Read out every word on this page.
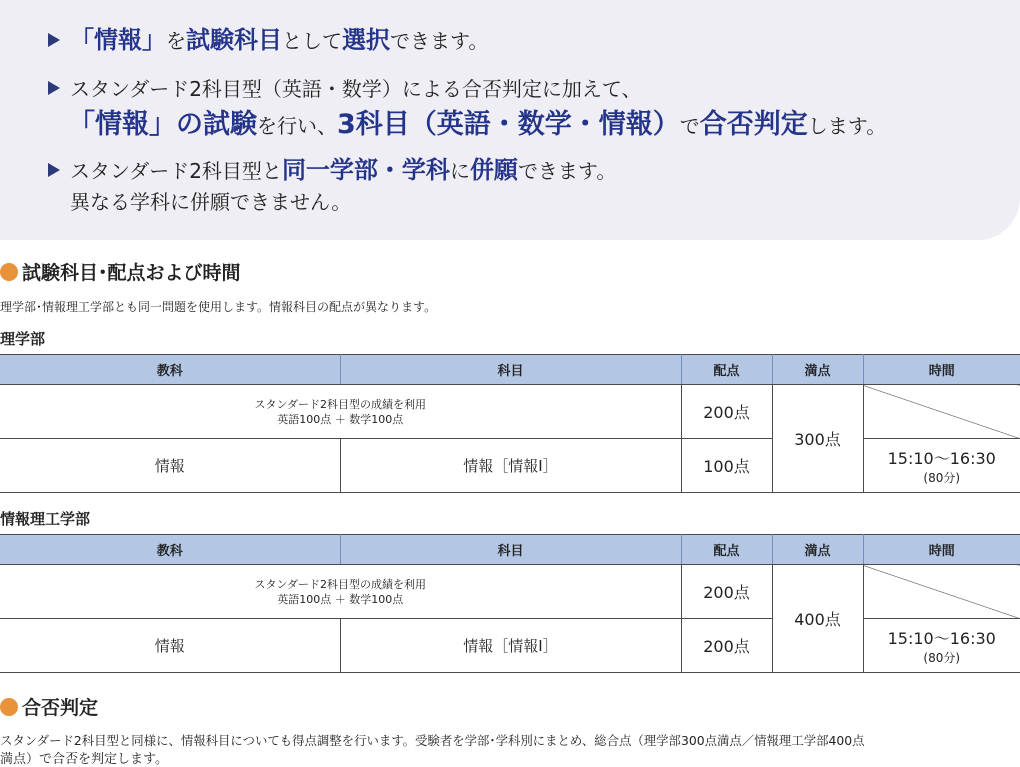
「情報」を試験科目として選択できます。
スタンダード2科目型（英語・数学）による合否判定に加えて、
「情報」の試験を行い、3科目（英語・数学・情報）で合否判定します。
スタンダード2科目型と同一学部・学科に併願できます。
異なる学科に併願できません。
試験科目･配点および時間
理学部･情報理工学部とも同一問題を使用します。情報科目の配点が異なります。
理学部
教科	科目	配点	満点	時間

スタンダード2科目型の成績を利用
英語100点 ＋ 数学100点		200点	300点	
情報	情報［情報Ⅰ］	100点		15:10～16:30
(80分)
情報理工学部
教科	科目	配点	満点	時間

スタンダード2科目型の成績を利用
英語100点 ＋ 数学100点		200点	400点	
情報	情報［情報Ⅰ］	200点		15:10～16:30
(80分)
合否判定
スタンダード2科目型と同様に、情報科目についても得点調整を行います。受験者を学部･学科別にまとめ、総合点（理学部300点満点／情報理工学部400点
満点）で合否を判定します。
